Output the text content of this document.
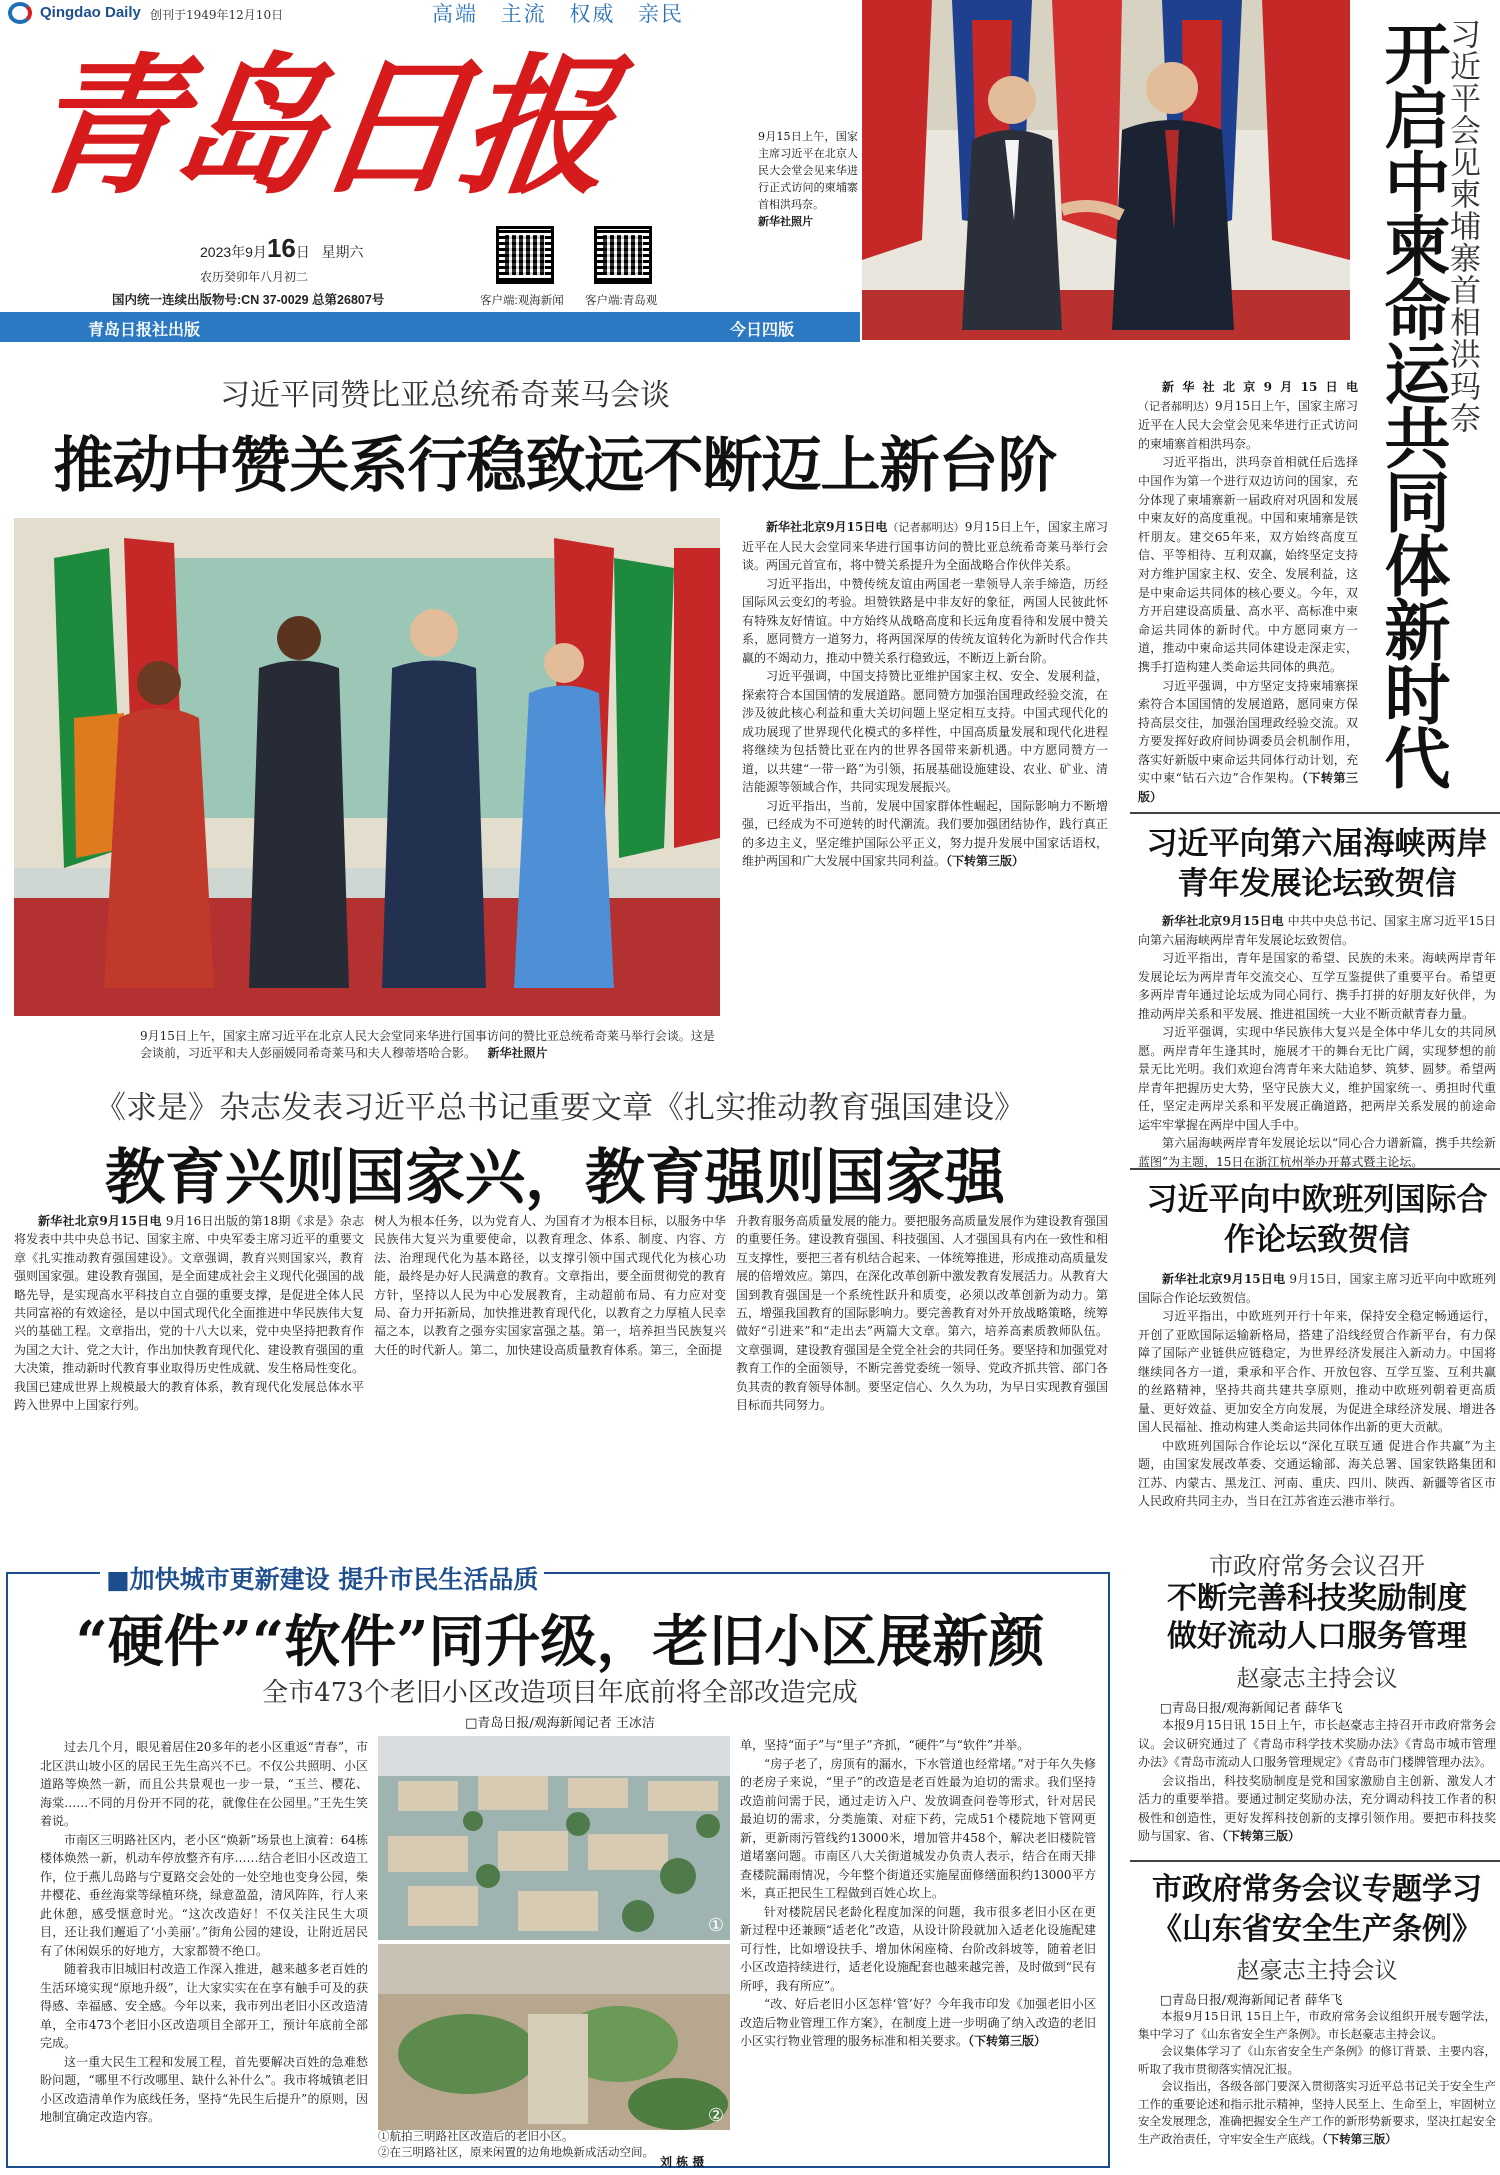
Qingdao Daily 创刊于1949年12月10日	高端 主流 权威 亲民
青岛日报
2023年9月16日 星期六
农历癸卯年八月初二
国内统一连续出版物号:CN 37-0029 总第26807号	客户端:观海新闻 客户端:青岛观
青岛日报社出版	今日四版
9月15日上午，国家主席习近平在北京人民大会堂会见来华进行正式访问的柬埔寨首相洪玛奈。
新华社照片	习近平会见柬埔寨首相洪玛奈
开启中柬命运共同体新时代

新华社北京9月15日电（记者郝明达）9月15日上午，国家主席习近平在人民大会堂会见来华进行正式访问的柬埔寨首相洪玛奈。

习近平指出，洪玛奈首相就任后选择中国作为第一个进行双边访问的国家，充分体现了柬埔寨新一届政府对巩固和发展中柬友好的高度重视。中国和柬埔寨是铁杆朋友。建交65年来，双方始终高度互信、平等相待、互利双赢，始终坚定支持对方维护国家主权、安全、发展利益，这是中柬命运共同体的核心要义。今年，双方开启建设高质量、高水平、高标准中柬命运共同体的新时代。中方愿同柬方一道，推动中柬命运共同体建设走深走实，携手打造构建人类命运共同体的典范。

习近平强调，中方坚定支持柬埔寨探索符合本国国情的发展道路，愿同柬方保持高层交往，加强治国理政经验交流。双方要发挥好政府间协调委员会机制作用，落实好新版中柬命运共同体行动计划，充实中柬“钻石六边”合作架构。（下转第三版）

习近平同赞比亚总统希奇莱马会谈
推动中赞关系行稳致远不断迈上新台阶
9月15日上午，国家主席习近平在北京人民大会堂同来华进行国事访问的赞比亚总统希奇莱马举行会谈。这是会谈前，习近平和夫人彭丽媛同希奇莱马和夫人穆蒂塔哈合影。 新华社照片

新华社北京9月15日电（记者郝明达）9月15日上午，国家主席习近平在人民大会堂同来华进行国事访问的赞比亚总统希奇莱马举行会谈。两国元首宣布，将中赞关系提升为全面战略合作伙伴关系。

习近平指出，中赞传统友谊由两国老一辈领导人亲手缔造，历经国际风云变幻的考验。坦赞铁路是中非友好的象征，两国人民彼此怀有特殊友好情谊。中方始终从战略高度和长远角度看待和发展中赞关系，愿同赞方一道努力，将两国深厚的传统友谊转化为新时代合作共赢的不竭动力，推动中赞关系行稳致远，不断迈上新台阶。

习近平强调，中国支持赞比亚维护国家主权、安全、发展利益，探索符合本国国情的发展道路。愿同赞方加强治国理政经验交流，在涉及彼此核心利益和重大关切问题上坚定相互支持。中国式现代化的成功展现了世界现代化模式的多样性，中国高质量发展和现代化进程将继续为包括赞比亚在内的世界各国带来新机遇。中方愿同赞方一道，以共建“一带一路”为引领，拓展基础设施建设、农业、矿业、清洁能源等领域合作，共同实现发展振兴。

习近平指出，当前，发展中国家群体性崛起，国际影响力不断增强，已经成为不可逆转的时代潮流。我们要加强团结协作，践行真正的多边主义，坚定维护国际公平正义，努力提升发展中国家话语权，维护两国和广大发展中国家共同利益。（下转第三版）	习近平向第六届海峡两岸青年发展论坛致贺信

新华社北京9月15日电 中共中央总书记、国家主席习近平15日向第六届海峡两岸青年发展论坛致贺信。

习近平指出，青年是国家的希望、民族的未来。海峡两岸青年发展论坛为两岸青年交流交心、互学互鉴提供了重要平台。希望更多两岸青年通过论坛成为同心同行、携手打拼的好朋友好伙伴，为推动两岸关系和平发展、推进祖国统一大业不断贡献青春力量。

习近平强调，实现中华民族伟大复兴是全体中华儿女的共同夙愿。两岸青年生逢其时，施展才干的舞台无比广阔，实现梦想的前景无比光明。我们欢迎台湾青年来大陆追梦、筑梦、圆梦。希望两岸青年把握历史大势，坚守民族大义，维护国家统一、勇担时代重任，坚定走两岸关系和平发展正确道路，把两岸关系发展的前途命运牢牢掌握在两岸中国人手中。

第六届海峡两岸青年发展论坛以“同心合力谱新篇，携手共绘新蓝图”为主题，15日在浙江杭州举办开幕式暨主论坛。

习近平向中欧班列国际合作论坛致贺信

新华社北京9月15日电 9月15日，国家主席习近平向中欧班列国际合作论坛致贺信。

习近平指出，中欧班列开行十年来，保持安全稳定畅通运行，开创了亚欧国际运输新格局，搭建了沿线经贸合作新平台，有力保障了国际产业链供应链稳定，为世界经济发展注入新动力。中国将继续同各方一道，秉承和平合作、开放包容、互学互鉴、互利共赢的丝路精神，坚持共商共建共享原则，推动中欧班列朝着更高质量、更好效益、更加安全方向发展，为促进全球经济发展、增进各国人民福祉、推动构建人类命运共同体作出新的更大贡献。

中欧班列国际合作论坛以“深化互联互通 促进合作共赢”为主题，由国家发展改革委、交通运输部、海关总署、国家铁路集团和江苏、内蒙古、黑龙江、河南、重庆、四川、陕西、新疆等省区市人民政府共同主办，当日在江苏省连云港市举行。

《求是》杂志发表习近平总书记重要文章《扎实推动教育强国建设》
教育兴则国家兴，教育强则国家强

新华社北京9月15日电 9月16日出版的第18期《求是》杂志将发表中共中央总书记、国家主席、中央军委主席习近平的重要文章《扎实推动教育强国建设》。文章强调，教育兴则国家兴，教育强则国家强。建设教育强国，是全面建成社会主义现代化强国的战略先导，是实现高水平科技自立自强的重要支撑，是促进全体人民共同富裕的有效途径，是以中国式现代化全面推进中华民族伟大复兴的基础工程。文章指出，党的十八大以来，党中央坚持把教育作为国之大计、党之大计，作出加快教育现代化、建设教育强国的重大决策，推动新时代教育事业取得历史性成就、发生格局性变化。我国已建成世界上规模最大的教育体系，教育现代化发展总体水平跨入世界中上国家行列。

树人为根本任务，以为党育人、为国育才为根本目标，以服务中华民族伟大复兴为重要使命，以教育理念、体系、制度、内容、方法、治理现代化为基本路径，以支撑引领中国式现代化为核心功能，最终是办好人民满意的教育。文章指出，要全面贯彻党的教育方针，坚持以人民为中心发展教育，主动超前布局、有力应对变局、奋力开拓新局，加快推进教育现代化，以教育之力厚植人民幸福之本，以教育之强夯实国家富强之基。第一，培养担当民族复兴大任的时代新人。第二，加快建设高质量教育体系。第三，全面提
升教育服务高质量发展的能力。要把服务高质量发展作为建设教育强国的重要任务。建设教育强国、科技强国、人才强国具有内在一致性和相互支撑性，要把三者有机结合起来、一体统筹推进，形成推动高质量发展的倍增效应。第四，在深化改革创新中激发教育发展活力。从教育大国到教育强国是一个系统性跃升和质变，必须以改革创新为动力。第五，增强我国教育的国际影响力。要完善教育对外开放战略策略，统筹做好“引进来”和“走出去”两篇大文章。第六，培养高素质教师队伍。文章强调，建设教育强国是全党全社会的共同任务。要坚持和加强党对教育工作的全面领导，不断完善党委统一领导、党政齐抓共管、部门各负其责的教育领导体制。要坚定信心、久久为功，为早日实现教育强国目标而共同努力。
■加快城市更新建设 提升市民生活品质
“硬件”“软件”同升级，老旧小区展新颜
全市473个老旧小区改造项目年底前将全部改造完成
□青岛日报/观海新闻记者 王冰洁

过去几个月，眼见着居住20多年的老小区重返“青春”，市北区洪山坡小区的居民王先生高兴不已。不仅公共照明、小区道路等焕然一新，而且公共景观也一步一景，“玉兰、樱花、海棠……不同的月份开不同的花，就像住在公园里。”王先生笑着说。

市南区三明路社区内，老小区“焕新”场景也上演着：64栋楼体焕然一新，机动车停放整齐有序……结合老旧小区改造工作，位于燕儿岛路与宁夏路交会处的一处空地也变身公园，柴井樱花、垂丝海棠等绿植环绕，绿意盈盈，清风阵阵，行人来此休憩，感受惬意时光。“这次改造好！不仅关注民生大项目，还让我们邂逅了‘小美丽’。”街角公园的建设，让附近居民有了休闲娱乐的好地方，大家都赞不绝口。

随着我市旧城旧村改造工作深入推进，越来越多老百姓的生活环境实现“原地升级”，让大家实实在在享有触手可及的获得感、幸福感、安全感。今年以来，我市列出老旧小区改造清单，全市473个老旧小区改造项目全部开工，预计年底前全部完成。

这一重大民生工程和发展工程，首先要解决百姓的急难愁盼问题，“哪里不行改哪里、缺什么补什么”。我市将城镇老旧小区改造清单作为底线任务，坚持“先民生后提升”的原则，因地制宜确定改造内容。

①
②
①航拍三明路社区改造后的老旧小区。
②在三明路社区，原来闲置的边角地焕新成活动空间。
刘 栋 摄

单，坚持“面子”与“里子”齐抓，“硬件”与“软件”并举。

“房子老了，房顶有的漏水，下水管道也经常堵。”对于年久失修的老房子来说，“里子”的改造是老百姓最为迫切的需求。我们坚持改造前问需于民，通过走访入户、发放调查问卷等形式，针对居民最迫切的需求，分类施策、对症下药，完成51个楼院地下管网更新，更新雨污管线约13000米，增加管井458个，解决老旧楼院管道堵塞问题。市南区八大关街道城发办负责人表示，结合在雨天排查楼院漏雨情况，今年整个街道还实施屋面修缮面积约13000平方米，真正把民生工程做到百姓心坎上。

针对楼院居民老龄化程度加深的问题，我市很多老旧小区在更新过程中还兼顾“适老化”改造，从设计阶段就加入适老化设施配建可行性，比如增设扶手、增加休闲座椅、台阶改斜坡等，随着老旧小区改造持续进行，适老化设施配套也越来越完善，及时做到“民有所呼，我有所应”。

“改、好后老旧小区怎样‘管’好？今年我市印发《加强老旧小区改造后物业管理工作方案》，在制度上进一步明确了纳入改造的老旧小区实行物业管理的服务标准和相关要求。（下转第三版）

市政府常务会议召开
不断完善科技奖励制度
做好流动人口服务管理
赵豪志主持会议
□青岛日报/观海新闻记者 薛华飞

本报9月15日讯 15日上午，市长赵豪志主持召开市政府常务会议。会议研究通过了《青岛市科学技术奖励办法》《青岛市城市管理办法》《青岛市流动人口服务管理规定》《青岛市门楼牌管理办法》。

会议指出，科技奖励制度是党和国家激励自主创新、激发人才活力的重要举措。要通过制定奖励办法，充分调动科技工作者的积极性和创造性，更好发挥科技创新的支撑引领作用。要把市科技奖励与国家、省、（下转第三版）

市政府常务会议专题学习
《山东省安全生产条例》
赵豪志主持会议
□青岛日报/观海新闻记者 薛华飞

本报9月15日讯 15日上午，市政府常务会议组织开展专题学法，集中学习了《山东省安全生产条例》。市长赵豪志主持会议。

会议集体学习了《山东省安全生产条例》的修订背景、主要内容，听取了我市贯彻落实情况汇报。

会议指出，各级各部门要深入贯彻落实习近平总书记关于安全生产工作的重要论述和指示批示精神，坚持人民至上、生命至上，牢固树立安全发展理念，准确把握安全生产工作的新形势新要求，坚决扛起安全生产政治责任，守牢安全生产底线。（下转第三版）
